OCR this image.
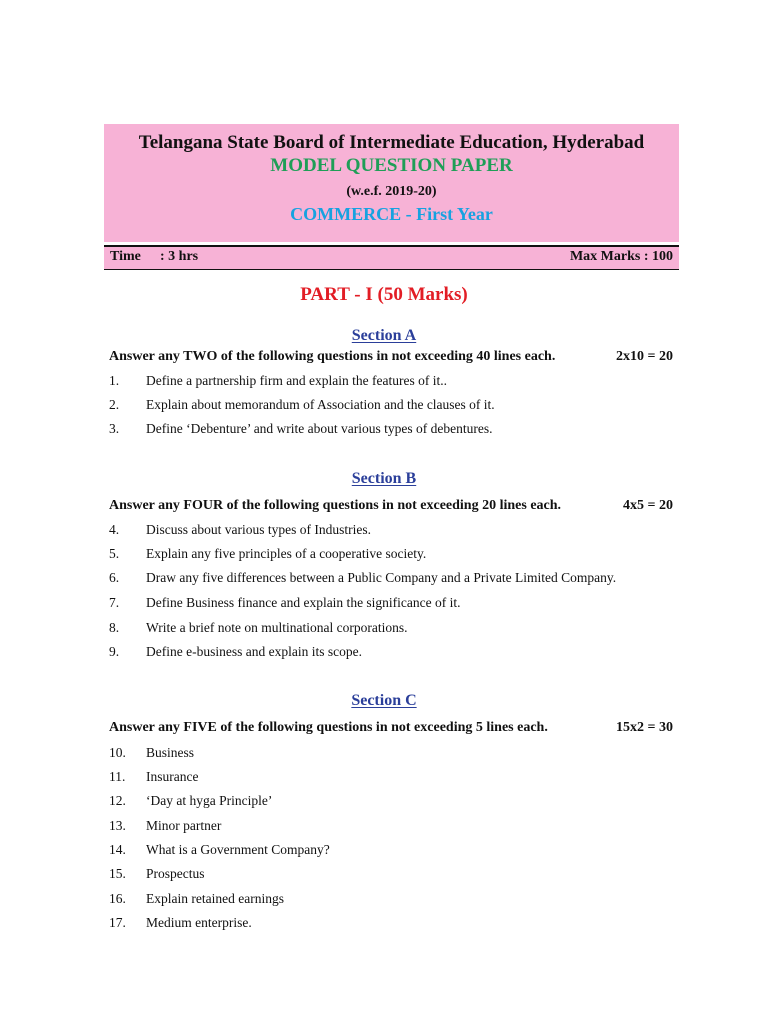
Telangana State Board of Intermediate Education, Hyderabad
MODEL QUESTION PAPER
(w.e.f. 2019-20)
COMMERCE - First Year
Time : 3 hrs	Max Marks : 100
PART - I (50 Marks)
Section A
Answer any TWO of the following questions in not exceeding 40 lines each.	2x10 = 20
1. Define a partnership firm and explain the features of it..
2. Explain about memorandum of Association and the clauses of it.
3. Define ‘Debenture’ and write about various types of debentures.
Section B
Answer any FOUR of the following questions in not exceeding 20 lines each.	4x5 = 20
4. Discuss about various types of Industries.
5. Explain any five principles of a cooperative society.
6. Draw any five differences between a Public Company and a Private Limited Company.
7. Define Business finance and explain the significance of it.
8. Write a brief note on multinational corporations.
9. Define e-business and explain its scope.
Section C
Answer any FIVE of the following questions in not exceeding 5 lines each.	15x2 = 30
10. Business
11. Insurance
12. ‘Day at hyga Principle’
13. Minor partner
14. What is a Government Company?
15. Prospectus
16. Explain retained earnings
17. Medium enterprise.
